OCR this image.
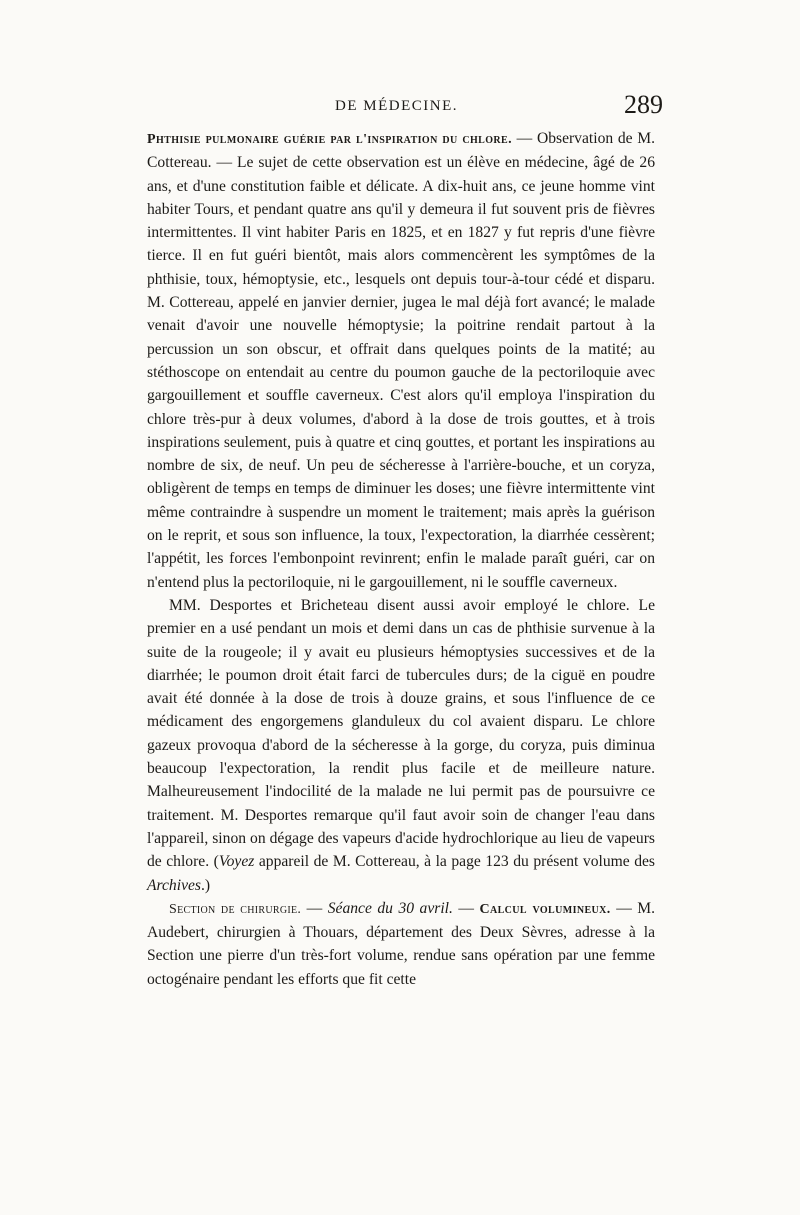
DE MÉDECINE.	289

Phthisie pulmonaire guérie par l'inspiration du chlore. — Observation de M. Cottereau. — Le sujet de cette observation est un élève en médecine, âgé de 26 ans, et d'une constitution faible et délicate. A dix-huit ans, ce jeune homme vint habiter Tours, et pendant quatre ans qu'il y demeura il fut souvent pris de fièvres intermittentes. Il vint habiter Paris en 1825, et en 1827 y fut repris d'une fièvre tierce. Il en fut guéri bientôt, mais alors commencèrent les symptômes de la phthisie, toux, hémoptysie, etc., lesquels ont depuis tour-à-tour cédé et disparu. M. Cottereau, appelé en janvier dernier, jugea le mal déjà fort avancé; le malade venait d'avoir une nouvelle hémoptysie; la poitrine rendait partout à la percussion un son obscur, et offrait dans quelques points de la matité; au stéthoscope on entendait au centre du poumon gauche de la pectoriloquie avec gargouillement et souffle caverneux. C'est alors qu'il employa l'inspiration du chlore très-pur à deux volumes, d'abord à la dose de trois gouttes, et à trois inspirations seulement, puis à quatre et cinq gouttes, et portant les inspirations au nombre de six, de neuf. Un peu de sécheresse à l'arrière-bouche, et un coryza, obligèrent de temps en temps de diminuer les doses; une fièvre intermittente vint même contraindre à suspendre un moment le traitement; mais après la guérison on le reprit, et sous son influence, la toux, l'expectoration, la diarrhée cessèrent; l'appétit, les forces l'embonpoint revinrent; enfin le malade paraît guéri, car on n'entend plus la pectoriloquie, ni le gargouillement, ni le souffle caverneux.

MM. Desportes et Bricheteau disent aussi avoir employé le chlore. Le premier en a usé pendant un mois et demi dans un cas de phthisie survenue à la suite de la rougeole; il y avait eu plusieurs hémoptysies successives et de la diarrhée; le poumon droit était farci de tubercules durs; de la ciguë en poudre avait été donnée à la dose de trois à douze grains, et sous l'influence de ce médicament des engorgemens glanduleux du col avaient disparu. Le chlore gazeux provoqua d'abord de la sécheresse à la gorge, du coryza, puis diminua beaucoup l'expectoration, la rendit plus facile et de meilleure nature. Malheureusement l'indocilité de la malade ne lui permit pas de poursuivre ce traitement. M. Desportes remarque qu'il faut avoir soin de changer l'eau dans l'appareil, sinon on dégage des vapeurs d'acide hydrochlorique au lieu de vapeurs de chlore. (Voyez appareil de M. Cottereau, à la page 123 du présent volume des Archives.)

Section de chirurgie. — Séance du 30 avril. — Calcul volumineux. — M. Audebert, chirurgien à Thouars, département des Deux Sèvres, adresse à la Section une pierre d'un très-fort volume, rendue sans opération par une femme octogénaire pendant les efforts que fit cette
